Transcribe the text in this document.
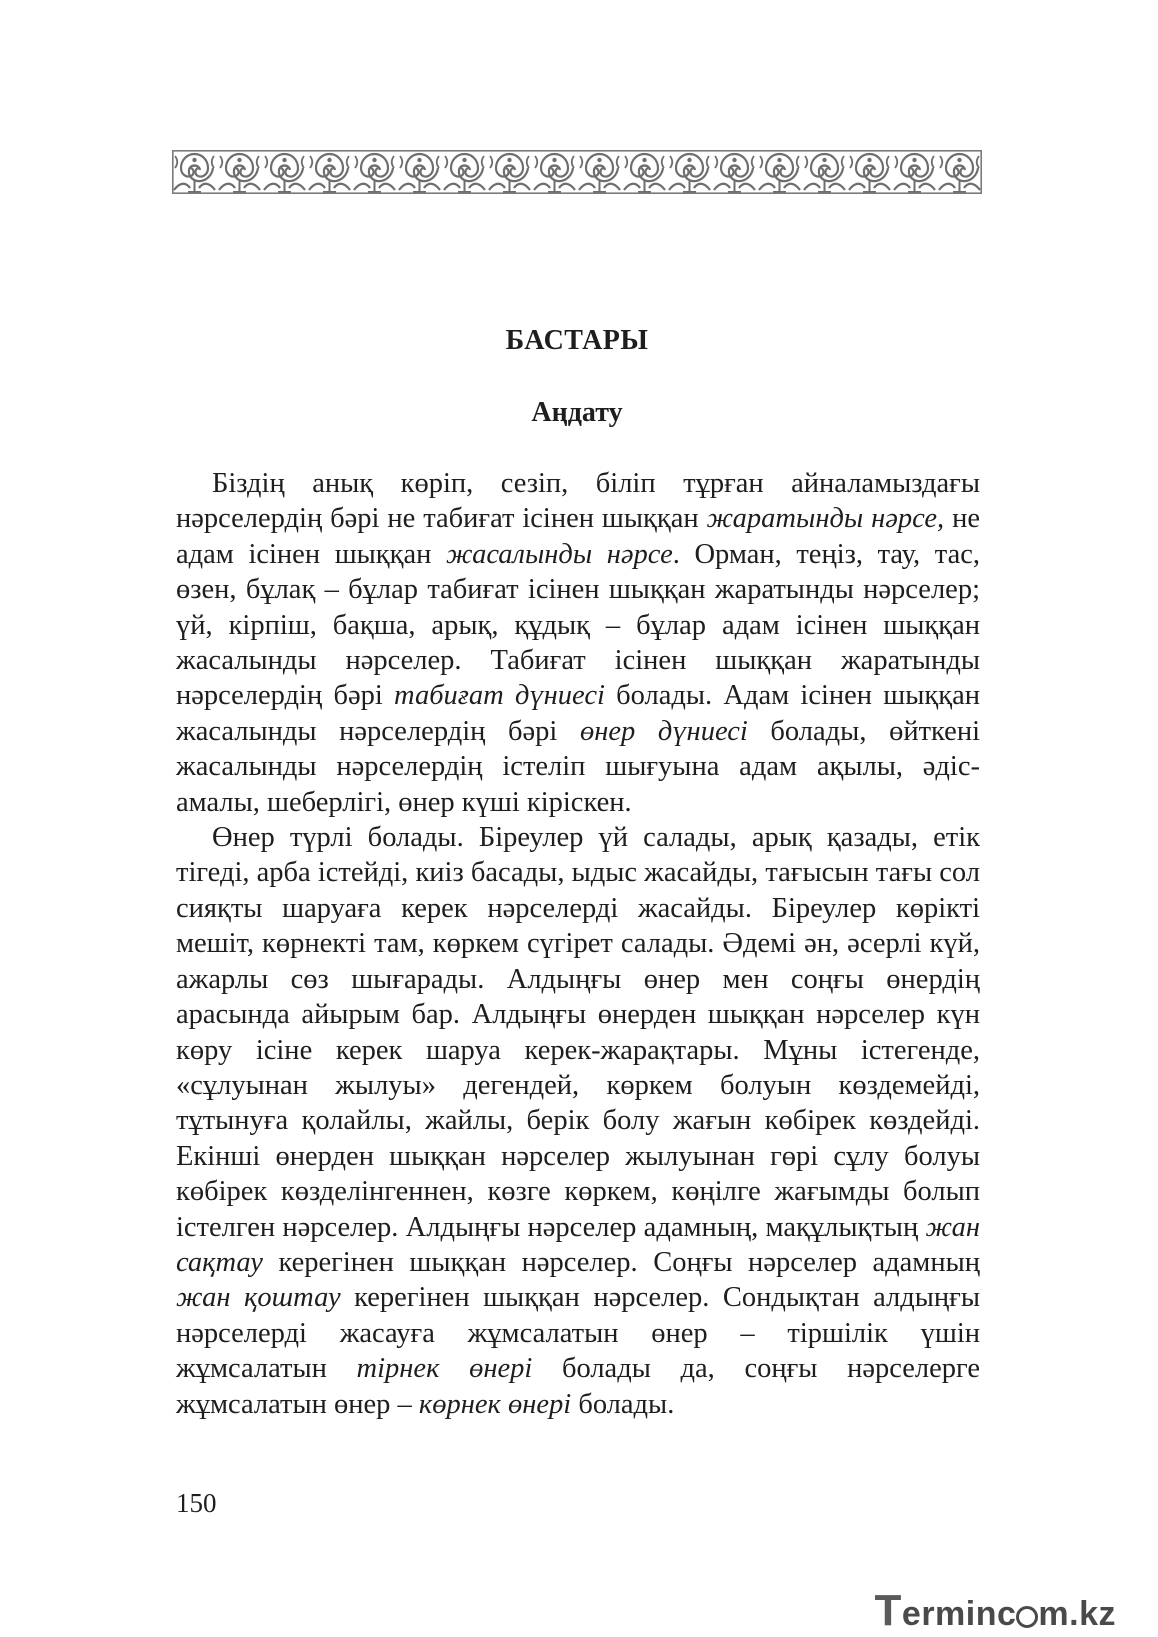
БАСТАРЫ
Аңдату

Біздің анық көріп, сезіп, біліп тұрған айналамыздағы нәрселердің бәрі не табиғат ісінен шыққан жаратынды нәрсе, не адам ісінен шыққан жасалынды нәрсе. Орман, теңіз, тау, тас, өзен, бұлақ – бұлар табиғат ісінен шыққан жаратынды нәрселер; үй, кірпіш, бақша, арық, құдық – бұлар адам ісінен шыққан жасалынды нәрселер. Табиғат ісінен шыққан жаратынды нәрселердің бәрі табиғат дүниесі болады. Адам ісінен шыққан жасалынды нәрселердің бәрі өнер дүниесі болады, өйткені жасалынды нәрселердің істеліп шығуына адам ақылы, әдіс-амалы, шеберлігі, өнер күші кіріскен.

Өнер түрлі болады. Біреулер үй салады, арық қазады, етік тігеді, арба істейді, киіз басады, ыдыс жасайды, тағысын тағы сол сияқты шаруаға керек нәрселерді жасайды. Біреулер көрікті мешіт, көрнекті там, көркем сүгірет салады. Әдемі ән, әсерлі күй, ажарлы сөз шығарады. Алдыңғы өнер мен соңғы өнердің арасында айырым бар. Алдыңғы өнерден шыққан нәрселер күн көру ісіне керек шаруа керек-жарақтары. Мұны істегенде, «сұлуынан жылуы» дегендей, көркем болуын көздемейді, тұтынуға қолайлы, жайлы, берік болу жағын көбірек көздейді. Екінші өнерден шыққан нәрселер жылуынан гөрі сұлу болуы көбірек көзделінгеннен, көзге көркем, көңілге жағымды болып істелген нәрселер. Алдыңғы нәрселер адамның, мақұлықтың жан сақтау керегінен шыққан нәрселер. Соңғы нәрселер адамның жан қоштау керегінен шыққан нәрселер. Сондықтан алдыңғы нәрселерді жасауға жұмсалатын өнер – тіршілік үшін жұмсалатын тірнек өнері болады да, соңғы нәрселерге жұмсалатын өнер – көрнек өнері болады.

150
Terminc m.kz
